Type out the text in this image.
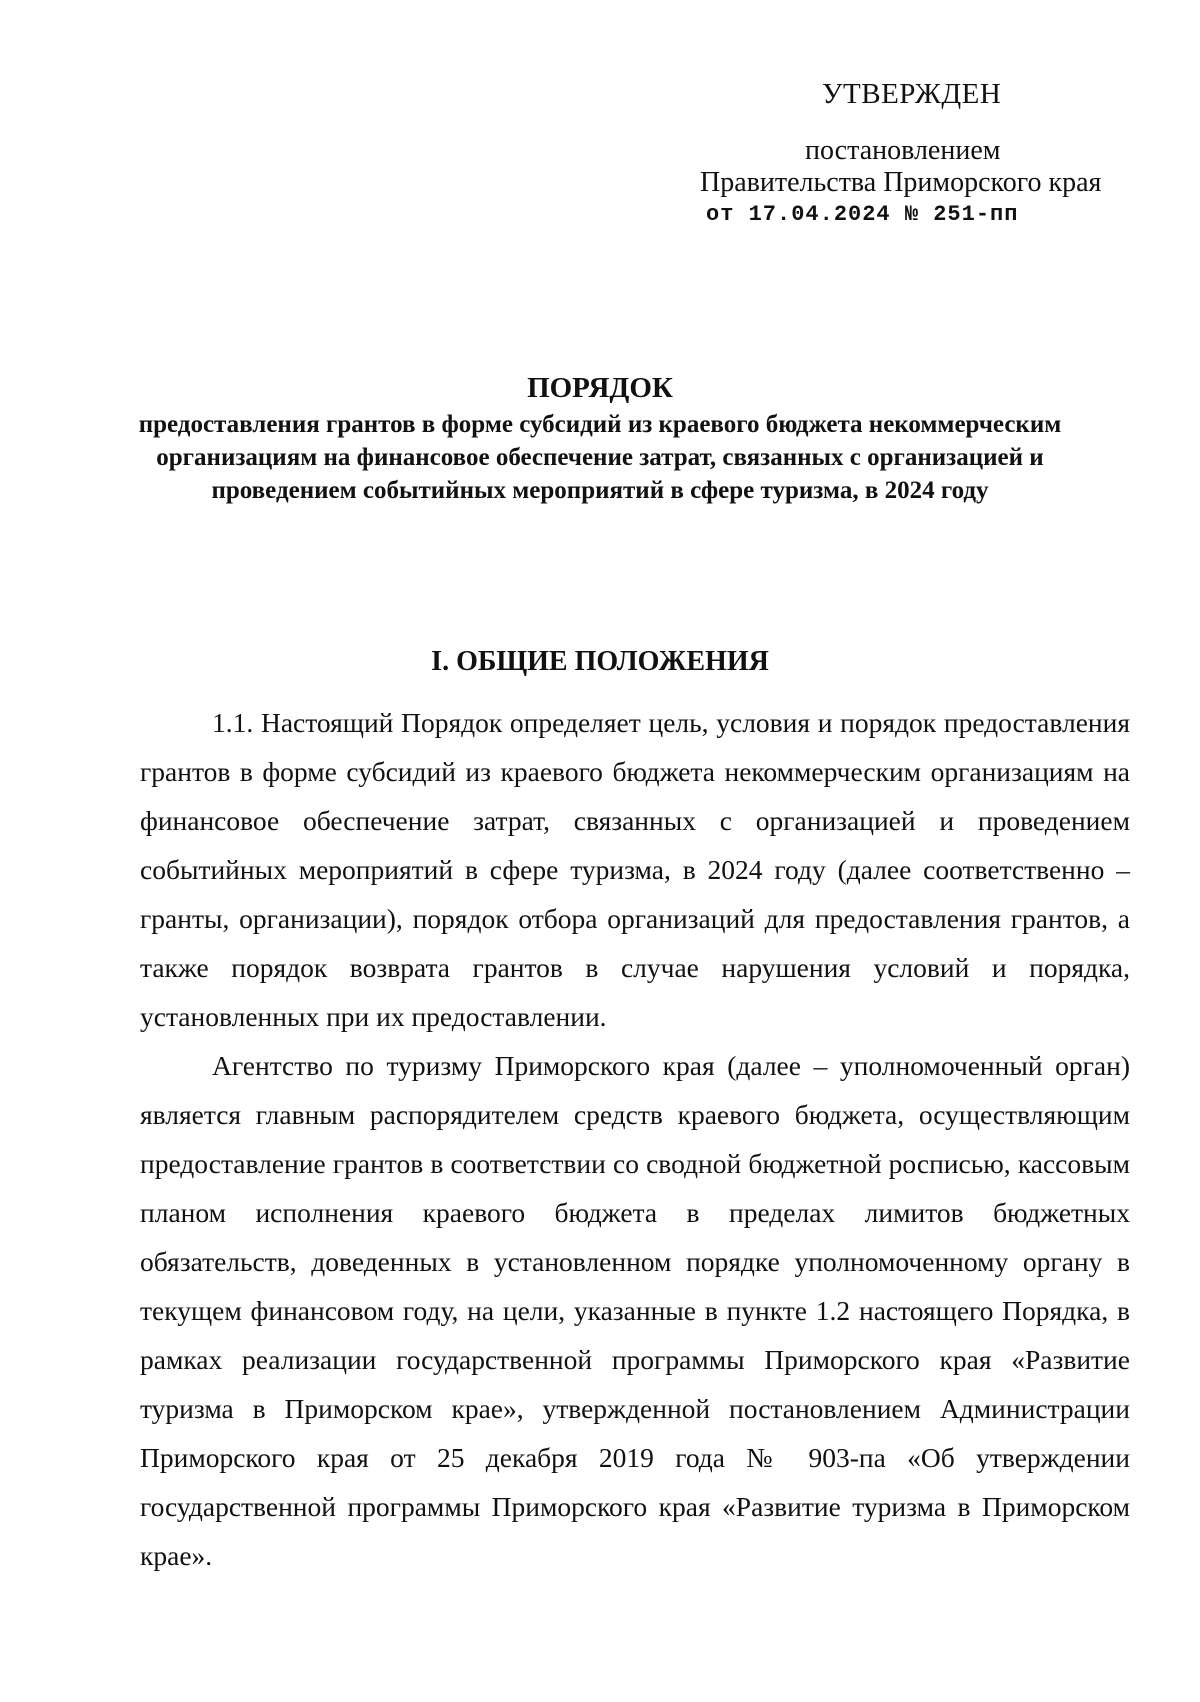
УТВЕРЖДЕН
постановлением
Правительства Приморского края
от 17.04.2024 № 251-пп
ПОРЯДОК
предоставления грантов в форме субсидий из краевого бюджета некоммерческим организациям на финансовое обеспечение затрат, связанных с организацией и проведением событийных мероприятий в сфере туризма, в 2024 году
I. ОБЩИЕ ПОЛОЖЕНИЯ

1.1. Настоящий Порядок определяет цель, условия и порядок предоставления грантов в форме субсидий из краевого бюджета некоммерческим организациям на финансовое обеспечение затрат, связанных с организацией и проведением событийных мероприятий в сфере туризма, в 2024 году (далее соответственно – гранты, организации), порядок отбора организаций для предоставления грантов, а также порядок возврата грантов в случае нарушения условий и порядка, установленных при их предоставлении.

Агентство по туризму Приморского края (далее – уполномоченный орган) является главным распорядителем средств краевого бюджета, осуществляющим предоставление грантов в соответствии со сводной бюджетной росписью, кассовым планом исполнения краевого бюджета в пределах лимитов бюджетных обязательств, доведенных в установленном порядке уполномоченному органу в текущем финансовом году, на цели, указанные в пункте 1.2 настоящего Порядка, в рамках реализации государственной программы Приморского края «Развитие туризма в Приморском крае», утвержденной постановлением Администрации Приморского края от 25 декабря 2019 года № 903-па «Об утверждении государственной программы Приморского края «Развитие туризма в Приморском крае».
